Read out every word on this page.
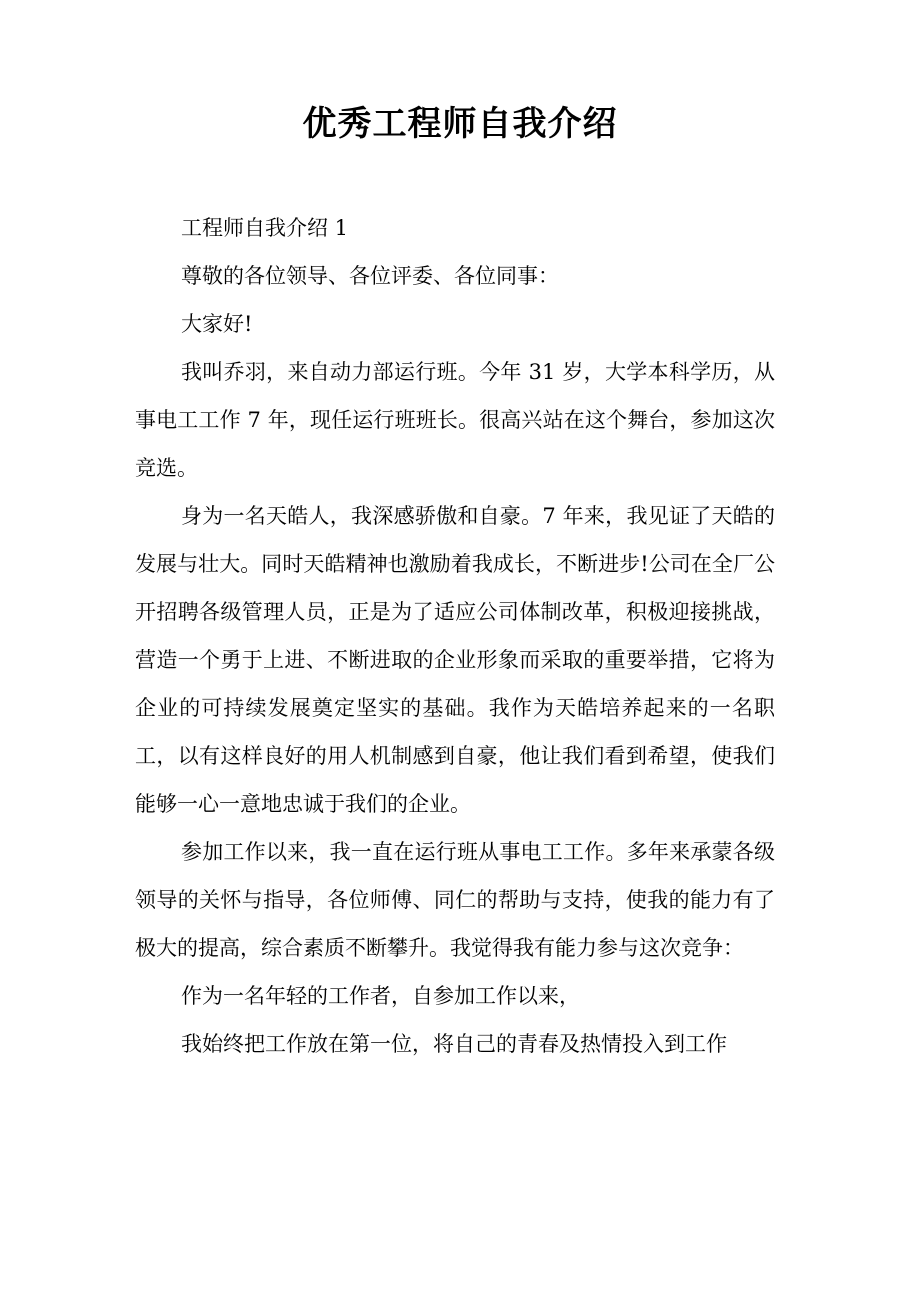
优秀工程师自我介绍

工程师自我介绍 1

尊敬的各位领导、各位评委、各位同事：

大家好!

我叫乔羽，来自动力部运行班。今年 31 岁，大学本科学历，从事电工工作 7 年，现任运行班班长。很高兴站在这个舞台，参加这次竞选。

身为一名天皓人，我深感骄傲和自豪。7 年来，我见证了天皓的发展与壮大。同时天皓精神也激励着我成长，不断进步!公司在全厂公开招聘各级管理人员，正是为了适应公司体制改革，积极迎接挑战，营造一个勇于上进、不断进取的企业形象而采取的重要举措，它将为企业的可持续发展奠定坚实的基础。我作为天皓培养起来的一名职工，以有这样良好的用人机制感到自豪，他让我们看到希望，使我们能够一心一意地忠诚于我们的企业。

参加工作以来，我一直在运行班从事电工工作。多年来承蒙各级领导的关怀与指导，各位师傅、同仁的帮助与支持，使我的能力有了极大的提高，综合素质不断攀升。我觉得我有能力参与这次竞争：

作为一名年轻的工作者，自参加工作以来，

我始终把工作放在第一位，将自己的青春及热情投入到工作
